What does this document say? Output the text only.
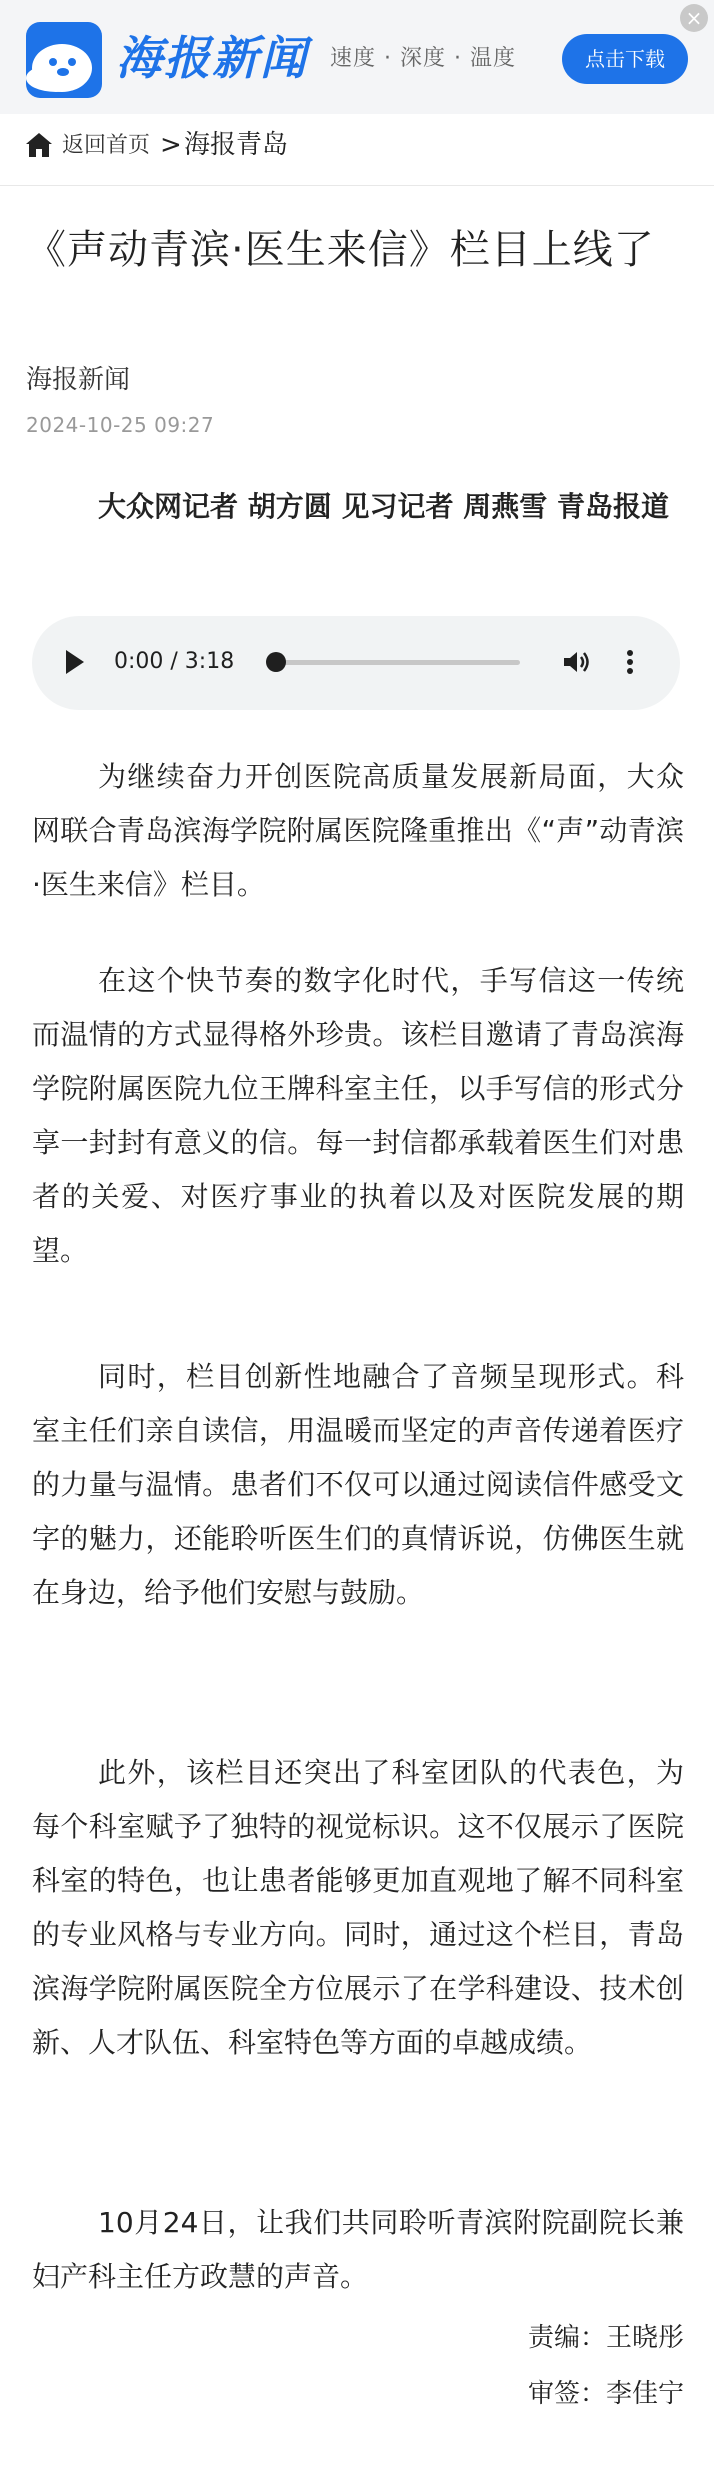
海报新闻 速度 · 深度 · 温度	点击下载
×
返回首页 > 海报青岛
《声动青滨·医生来信》栏目上线了
海报新闻
2024-10-25 09:27

大众网记者 胡方圆 见习记者 周燕雪 青岛报道

0:00 / 3:18

为继续奋力开创医院高质量发展新局面，大众网联合青岛滨海学院附属医院隆重推出《“声”动青滨·医生来信》栏目。

在这个快节奏的数字化时代，手写信这一传统而温情的方式显得格外珍贵。该栏目邀请了青岛滨海学院附属医院九位王牌科室主任，以手写信的形式分享一封封有意义的信。每一封信都承载着医生们对患者的关爱、对医疗事业的执着以及对医院发展的期望。

同时，栏目创新性地融合了音频呈现形式。科室主任们亲自读信，用温暖而坚定的声音传递着医疗的力量与温情。患者们不仅可以通过阅读信件感受文字的魅力，还能聆听医生们的真情诉说，仿佛医生就在身边，给予他们安慰与鼓励。

此外，该栏目还突出了科室团队的代表色，为每个科室赋予了独特的视觉标识。这不仅展示了医院科室的特色，也让患者能够更加直观地了解不同科室的专业风格与专业方向。同时，通过这个栏目，青岛滨海学院附属医院全方位展示了在学科建设、技术创新、人才队伍、科室特色等方面的卓越成绩。

10月24日，让我们共同聆听青滨附院副院长兼妇产科主任方政慧的声音。

责编：王晓彤
审签：李佳宁
